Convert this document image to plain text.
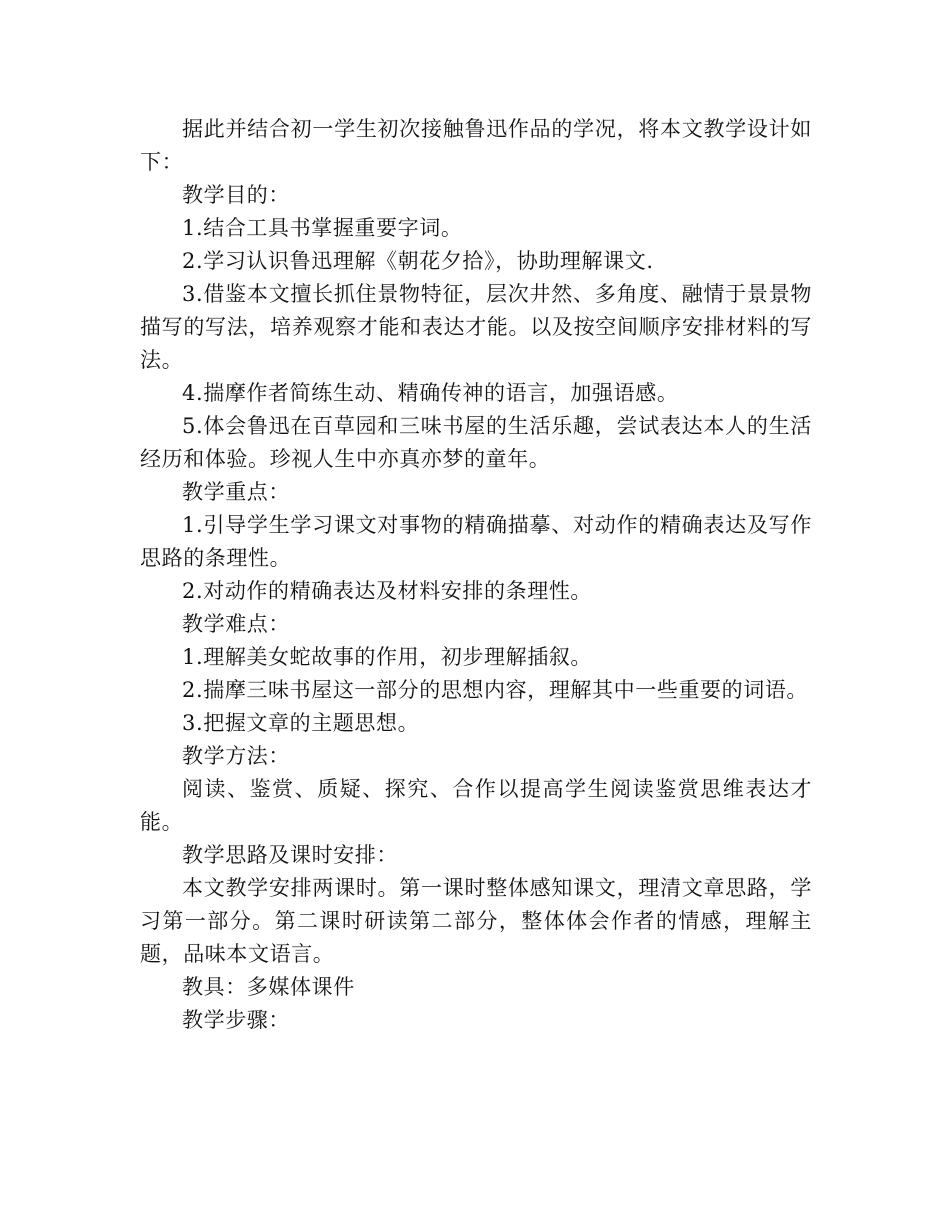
据此并结合初一学生初次接触鲁迅作品的学况，将本文教学设计如下：

教学目的：

1.结合工具书掌握重要字词。

2.学习认识鲁迅理解《朝花夕拾》，协助理解课文.

3.借鉴本文擅长抓住景物特征，层次井然、多角度、融情于景景物描写的写法，培养观察才能和表达才能。以及按空间顺序安排材料的写法。

4.揣摩作者简练生动、精确传神的语言，加强语感。

5.体会鲁迅在百草园和三味书屋的生活乐趣，尝试表达本人的生活经历和体验。珍视人生中亦真亦梦的童年。

教学重点：

1.引导学生学习课文对事物的精确描摹、对动作的精确表达及写作思路的条理性。

2.对动作的精确表达及材料安排的条理性。

教学难点：

1.理解美女蛇故事的作用，初步理解插叙。

2.揣摩三味书屋这一部分的思想内容，理解其中一些重要的词语。

3.把握文章的主题思想。

教学方法：

阅读、鉴赏、质疑、探究、合作以提高学生阅读鉴赏思维表达才能。

教学思路及课时安排：

本文教学安排两课时。第一课时整体感知课文，理清文章思路，学习第一部分。第二课时研读第二部分，整体体会作者的情感，理解主题，品味本文语言。

教具：多媒体课件

教学步骤：
